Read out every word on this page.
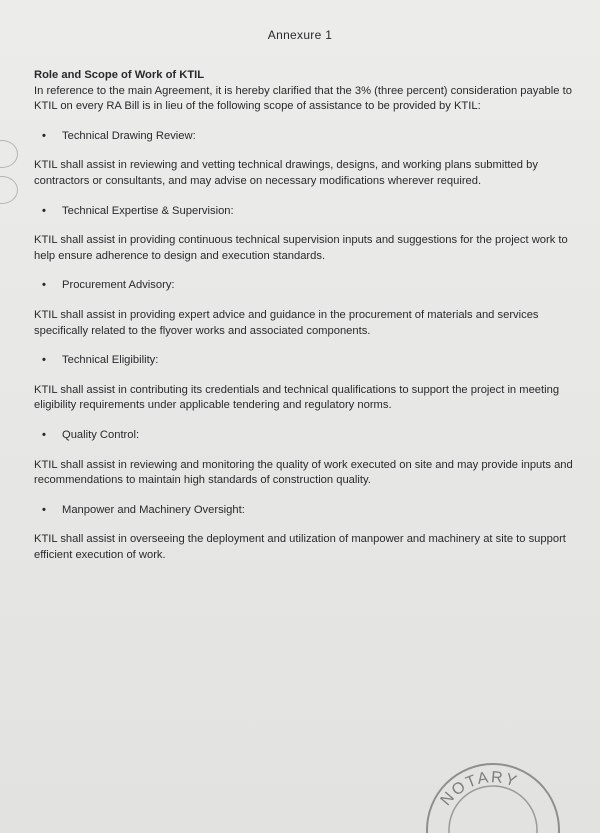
Annexure 1

Role and Scope of Work of KTIL

In reference to the main Agreement, it is hereby clarified that the 3% (three percent) consideration payable to KTIL on every RA Bill is in lieu of the following scope of assistance to be provided by KTIL:

•	Technical Drawing Review:

KTIL shall assist in reviewing and vetting technical drawings, designs, and working plans submitted by contractors or consultants, and may advise on necessary modifications wherever required.

•	Technical Expertise & Supervision:

KTIL shall assist in providing continuous technical supervision inputs and suggestions for the project work to help ensure adherence to design and execution standards.

•	Procurement Advisory:

KTIL shall assist in providing expert advice and guidance in the procurement of materials and services specifically related to the flyover works and associated components.

•	Technical Eligibility:

KTIL shall assist in contributing its credentials and technical qualifications to support the project in meeting eligibility requirements under applicable tendering and regulatory norms.

•	Quality Control:

KTIL shall assist in reviewing and monitoring the quality of work executed on site and may provide inputs and recommendations to maintain high standards of construction quality.

•	Manpower and Machinery Oversight:

KTIL shall assist in overseeing the deployment and utilization of manpower and machinery at site to support efficient execution of work.

NOTARY
